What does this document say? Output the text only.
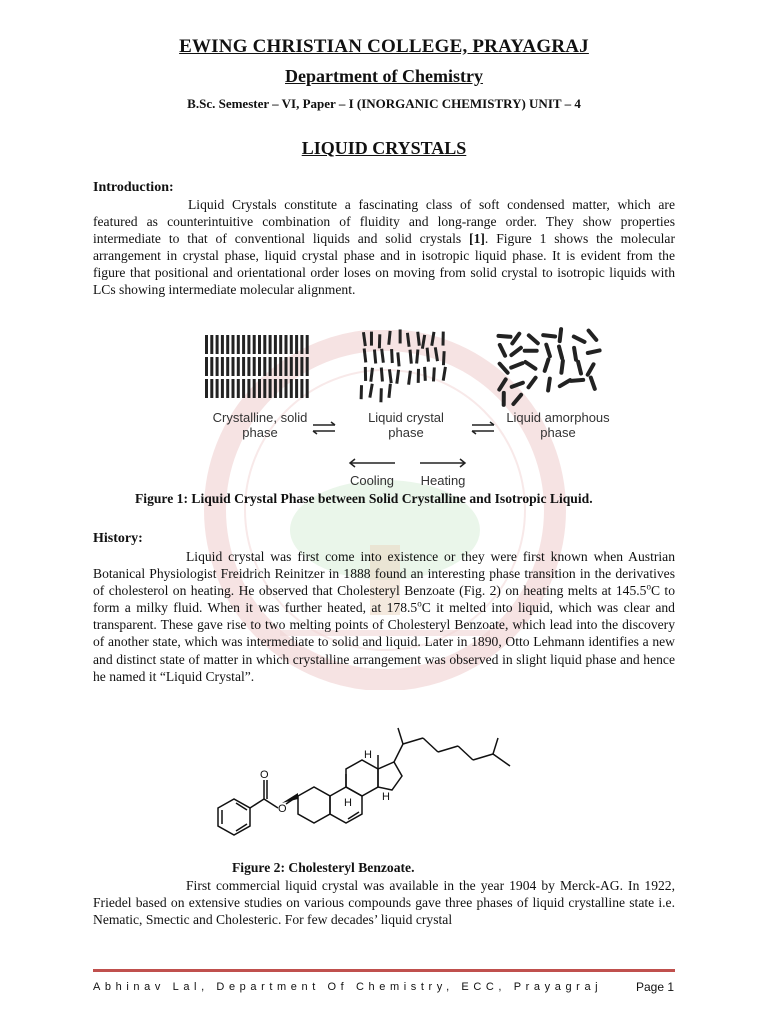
EWING CHRISTIAN COLLEGE, PRAYAGRAJ
Department of Chemistry
B.Sc. Semester – VI, Paper – I (INORGANIC CHEMISTRY) UNIT – 4
LIQUID CRYSTALS
Introduction:
Liquid Crystals constitute a fascinating class of soft condensed matter, which are featured as counterintuitive combination of fluidity and long-range order. They show properties intermediate to that of conventional liquids and solid crystals [1]. Figure 1 shows the molecular arrangement in crystal phase, liquid crystal phase and in isotropic liquid phase. It is evident from the figure that positional and orientational order loses on moving from solid crystal to isotropic liquids with LCs showing intermediate molecular alignment.
Crystalline, solid
phase
Liquid crystal
phase
Liquid amorphous
phase
Cooling Heating
Figure 1: Liquid Crystal Phase between Solid Crystalline and Isotropic Liquid.
History:
Liquid crystal was first come into existence or they were first known when Austrian Botanical Physiologist Freidrich Reinitzer in 1888 found an interesting phase transition in the derivatives of cholesterol on heating. He observed that Cholesteryl Benzoate (Fig. 2) on heating melts at 145.5$^o$C to form a milky fluid. When it was further heated, at 178.5$^o$C it melted into liquid, which was clear and transparent. These gave rise to two melting points of Cholesteryl Benzoate, which lead into the discovery of another state, which was intermediate to solid and liquid. Later in 1890, Otto Lehmann identifies a new and distinct state of matter in which crystalline arrangement was observed in slight liquid phase and hence he named it “Liquid Crystal”.
O
O
H
H	H
Figure 2: Cholesteryl Benzoate.
First commercial liquid crystal was available in the year 1904 by Merck-AG. In 1922, Friedel based on extensive studies on various compounds gave three phases of liquid crystalline state i.e. Nematic, Smectic and Cholesteric. For few decades’ liquid crystal
Abhinav Lal, Department Of Chemistry, ECC, Prayagraj	Page 1
